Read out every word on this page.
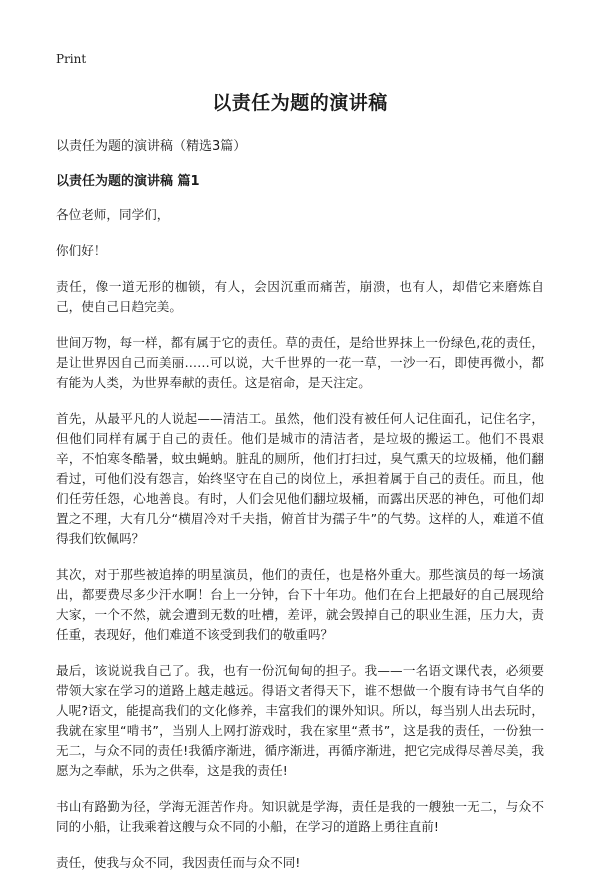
Print
以责任为题的演讲稿
以责任为题的演讲稿（精选3篇）
以责任为题的演讲稿 篇1

各位老师，同学们，

你们好！

责任，像一道无形的枷锁，有人，会因沉重而痛苦，崩溃，也有人，却借它来磨炼自己，使自己日趋完美。

世间万物，每一样，都有属于它的责任。草的责任，是给世界抹上一份绿色,花的责任，是让世界因自己而美丽……可以说，大千世界的一花一草，一沙一石，即使再微小，都有能为人类，为世界奉献的责任。这是宿命，是天注定。

首先，从最平凡的人说起——清洁工。虽然，他们没有被任何人记住面孔，记住名字，但他们同样有属于自己的责任。他们是城市的清洁者，是垃圾的搬运工。他们不畏艰辛，不怕寒冬酷暑，蚊虫蝇蚋。脏乱的厕所，他们打扫过，臭气熏天的垃圾桶，他们翻看过，可他们没有怨言，始终坚守在自己的岗位上，承担着属于自己的责任。而且，他们任劳任怨，心地善良。有时，人们会见他们翻垃圾桶，而露出厌恶的神色，可他们却置之不理，大有几分“横眉冷对千夫指，俯首甘为孺子牛”的气势。这样的人，难道不值得我们钦佩吗？

其次，对于那些被追捧的明星演员，他们的责任，也是格外重大。那些演员的每一场演出，都要费尽多少汗水啊！台上一分钟，台下十年功。他们在台上把最好的自己展现给大家，一个不然，就会遭到无数的吐槽，差评，就会毁掉自己的职业生涯，压力大，责任重，表现好，他们难道不该受到我们的敬重吗？

最后，该说说我自己了。我，也有一份沉甸甸的担子。我——一名语文课代表，必须要带领大家在学习的道路上越走越远。得语文者得天下，谁不想做一个腹有诗书气自华的人呢?语文，能提高我们的文化修养，丰富我们的课外知识。所以，每当别人出去玩时，我就在家里“啃书”，当别人上网打游戏时，我在家里“煮书”，这是我的责任，一份独一无二，与众不同的责任!我循序渐进，循序渐进，再循序渐进，把它完成得尽善尽美，我愿为之奉献，乐为之供奉，这是我的责任!

书山有路勤为径，学海无涯苦作舟。知识就是学海，责任是我的一艘独一无二，与众不同的小船，让我乘着这艘与众不同的小船，在学习的道路上勇往直前!

责任，使我与众不同，我因责任而与众不同!
